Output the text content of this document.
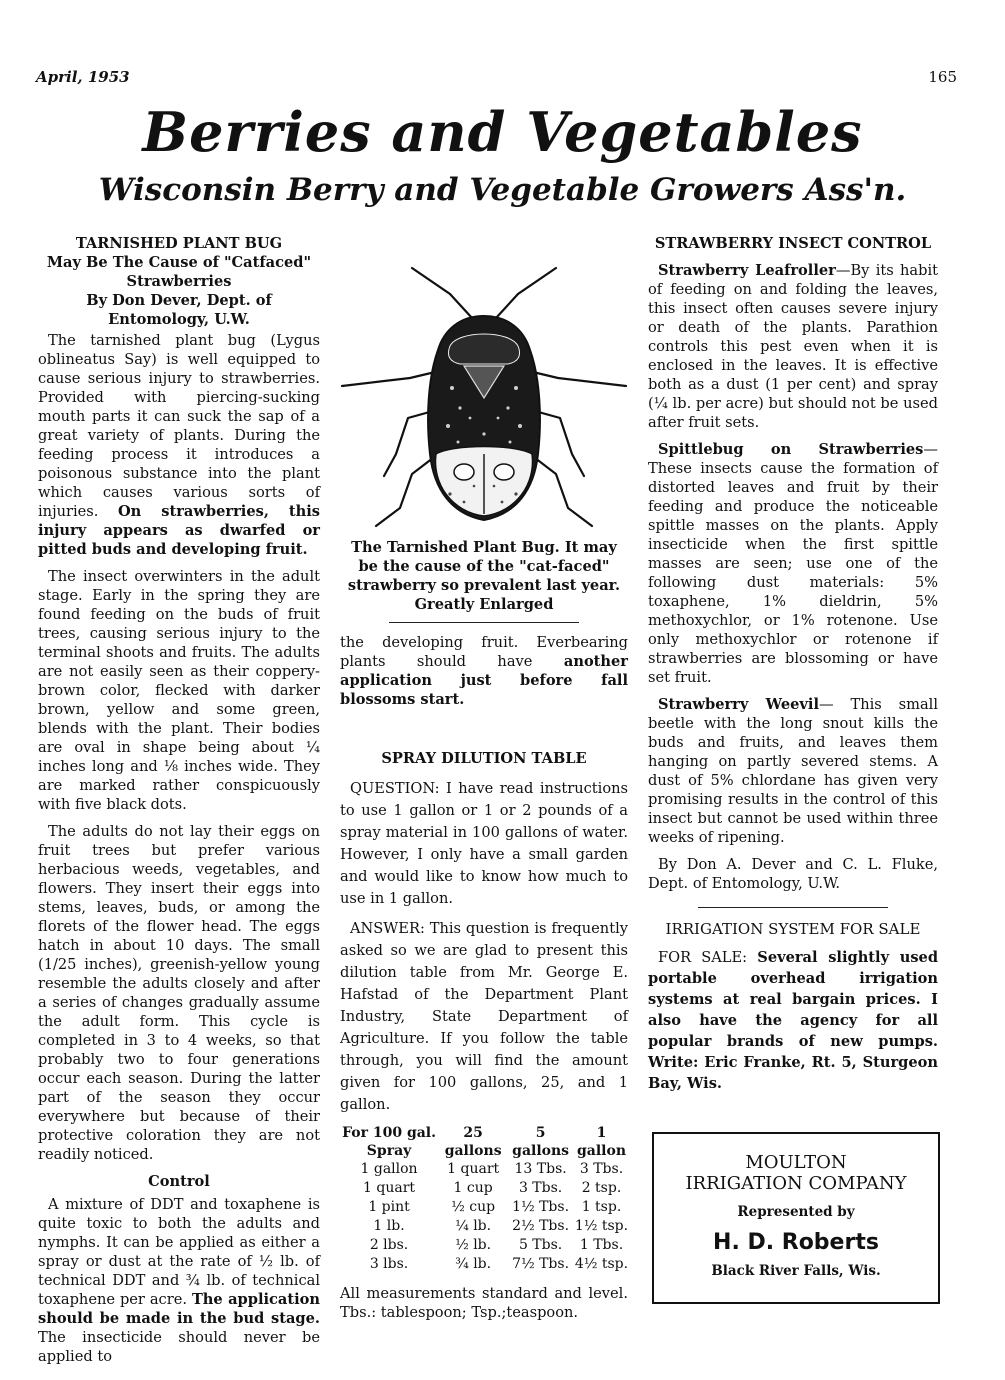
April, 1953	165
Berries and Vegetables
Wisconsin Berry and Vegetable Growers Ass'n.
TARNISHED PLANT BUG
May Be The Cause of "Catfaced" Strawberries
By Don Dever, Dept. of Entomology, U.W.

The tarnished plant bug (Lygus oblineatus Say) is well equipped to cause serious injury to strawberries. Provided with piercing-sucking mouth parts it can suck the sap of a great variety of plants. During the feeding process it introduces a poisonous substance into the plant which causes various sorts of injuries. On strawberries, this injury appears as dwarfed or pitted buds and developing fruit.

The insect overwinters in the adult stage. Early in the spring they are found feeding on the buds of fruit trees, causing serious injury to the terminal shoots and fruits. The adults are not easily seen as their coppery-brown color, flecked with darker brown, yellow and some green, blends with the plant. Their bodies are oval in shape being about ¼ inches long and ⅛ inches wide. They are marked rather conspicuously with five black dots.

The adults do not lay their eggs on fruit trees but prefer various herbacious weeds, vegetables, and flowers. They insert their eggs into stems, leaves, buds, or among the florets of the flower head. The eggs hatch in about 10 days. The small (1/25 inches), greenish-yellow young resemble the adults closely and after a series of changes gradually assume the adult form. This cycle is completed in 3 to 4 weeks, so that probably two to four generations occur each season. During the latter part of the season they occur everywhere but because of their protective coloration they are not readily noticed.

Control

A mixture of DDT and toxaphene is quite toxic to both the adults and nymphs. It can be applied as either a spray or dust at the rate of ½ lb. of technical DDT and ¾ lb. of technical toxaphene per acre. The application should be made in the bud stage. The insecticide should never be applied to

The Tarnished Plant Bug. It may be the cause of the "cat-faced" strawberry so prevalent last year.
Greatly Enlarged

the developing fruit. Everbearing plants should have another application just before fall blossoms start.

SPRAY DILUTION TABLE

QUESTION: I have read instructions to use 1 gallon or 1 or 2 pounds of a spray material in 100 gallons of water. However, I only have a small garden and would like to know how much to use in 1 gallon.

ANSWER: This question is frequently asked so we are glad to present this dilution table from Mr. George E. Hafstad of the Department Plant Industry, State Department of Agriculture. If you follow the table through, you will find the amount given for 100 gallons, 25, and 1 gallon.

For 100 gal. Spray	25 gallons	5 gallons	1 gallon
1 gallon	1 quart	13 Tbs.	3 Tbs.
1 quart	1 cup	3 Tbs.	2 tsp.
1 pint	½ cup	1½ Tbs.	1 tsp.
1 lb.	¼ lb.	2½ Tbs.	1½ tsp.
2 lbs.	½ lb.	5 Tbs.	1 Tbs.
3 lbs.	¾ lb.	7½ Tbs.	4½ tsp.

All measurements standard and level. Tbs.: tablespoon; Tsp.;teaspoon.

STRAWBERRY INSECT CONTROL

Strawberry Leafroller—By its habit of feeding on and folding the leaves, this insect often causes severe injury or death of the plants. Parathion controls this pest even when it is enclosed in the leaves. It is effective both as a dust (1 per cent) and spray (¼ lb. per acre) but should not be used after fruit sets.

Spittlebug on Strawberries— These insects cause the formation of distorted leaves and fruit by their feeding and produce the noticeable spittle masses on the plants. Apply insecticide when the first spittle masses are seen; use one of the following dust materials: 5% toxaphene, 1% dieldrin, 5% methoxychlor, or 1% rotenone. Use only methoxychlor or rotenone if strawberries are blossoming or have set fruit.

Strawberry Weevil— This small beetle with the long snout kills the buds and fruits, and leaves them hanging on partly severed stems. A dust of 5% chlordane has given very promising results in the control of this insect but cannot be used within three weeks of ripening.

By Don A. Dever and C. L. Fluke, Dept. of Entomology, U.W.

IRRIGATION SYSTEM FOR SALE

FOR SALE: Several slightly used portable overhead irrigation systems at real bargain prices. I also have the agency for all popular brands of new pumps. Write: Eric Franke, Rt. 5, Sturgeon Bay, Wis.

MOULTON
IRRIGATION COMPANY
Represented by
H. D. Roberts
Black River Falls, Wis.
